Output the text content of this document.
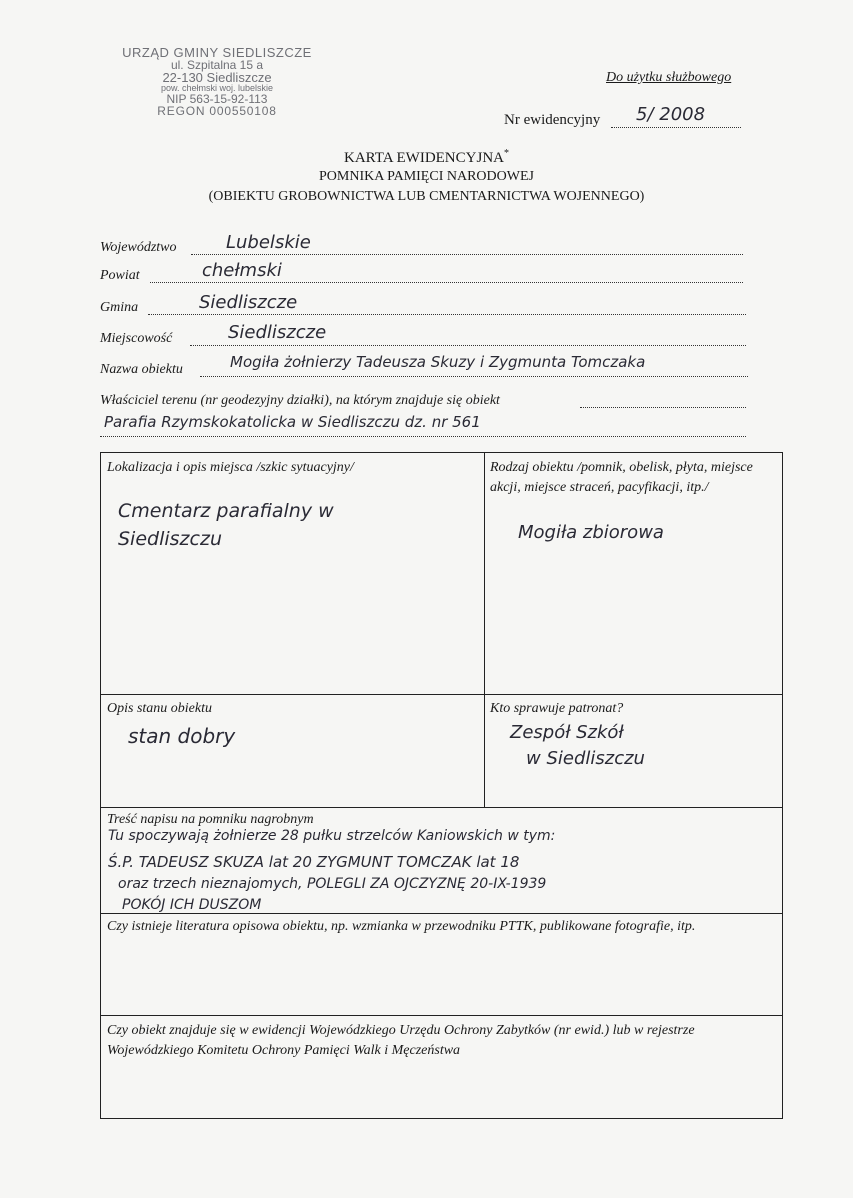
URZĄD GMINY SIEDLISZCZE
ul. Szpitalna 15 a
22-130 Siedliszcze
pow. chełmski woj. lubelskie
NIP 563-15-92-113
REGON 000550108
Do użytku służbowego
Nr ewidencyjny 5/ 2008
KARTA EWIDENCYJNA*
POMNIKA PAMIĘCI NARODOWEJ
(OBIEKTU GROBOWNICTWA LUB CMENTARNICTWA WOJENNEGO)
Województwo	Lubelskie
Powiat	chełmski
Gmina	Siedliszcze
Miejscowość	Siedliszcze
Nazwa obiektu	Mogiła żołnierzy Tadeusza Skuzy i Zygmunta Tomczaka
Właściciel terenu (nr geodezyjny działki), na którym znajduje się obiekt
Parafia Rzymskokatolicka w Siedliszczu dz. nr 561
Lokalizacja i opis miejsca /szkic sytuacyjny/
Cmentarz parafialny w
Siedliszczu
Rodzaj obiektu /pomnik, obelisk, płyta, miejsce akcji, miejsce straceń, pacyfikacji, itp./
Mogiła zbiorowa
Opis stanu obiektu
stan dobry
Kto sprawuje patronat?
Zespół Szkół
w Siedliszczu
Treść napisu na pomniku nagrobnym
Tu spoczywają żołnierze 28 pułku strzelców Kaniowskich w tym:
Ś.P. TADEUSZ SKUZA lat 20 ZYGMUNT TOMCZAK lat 18
oraz trzech nieznajomych, POLEGLI ZA OJCZYZNĘ 20-IX-1939
POKÓJ ICH DUSZOM
Czy istnieje literatura opisowa obiektu, np. wzmianka w przewodniku PTTK, publikowane fotografie, itp.
Czy obiekt znajduje się w ewidencji Wojewódzkiego Urzędu Ochrony Zabytków (nr ewid.) lub w rejestrze Wojewódzkiego Komitetu Ochrony Pamięci Walk i Męczeństwa
